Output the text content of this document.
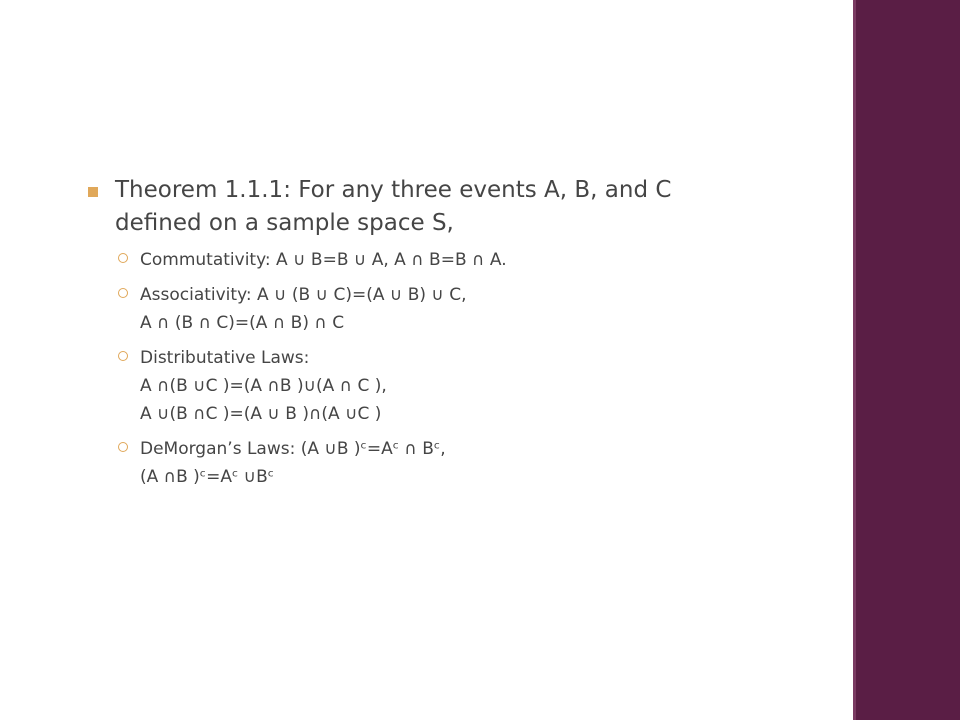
Theorem 1.1.1: For any three events A, B, and C
defined on a sample space S,
Commutativity: A ∪ B=B ∪ A, A ∩ B=B ∩ A.
Associativity: A ∪ (B ∪ C)=(A ∪ B) ∪ C,
A ∩ (B ∩ C)=(A ∩ B) ∩ C
Distributative Laws:
A ∩(B ∪C )=(A ∩B )∪(A ∩ C ),
A ∪(B ∩C )=(A ∪ B )∩(A ∪C )
DeMorgan’s Laws: (A ∪B )ᶜ=Aᶜ ∩ Bᶜ,
(A ∩B )ᶜ=Aᶜ ∪Bᶜ
